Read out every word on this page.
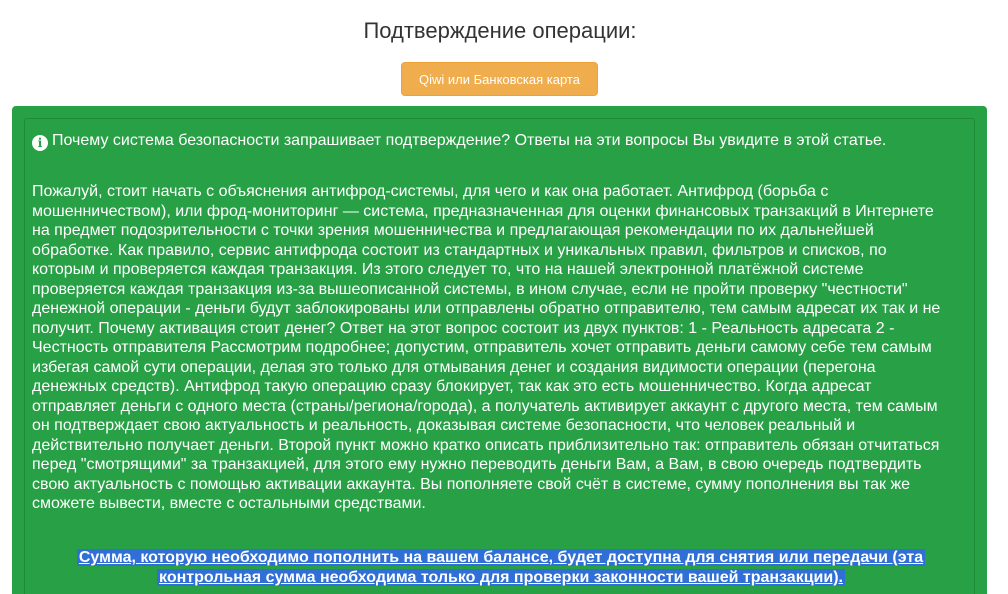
Подтверждение операции:
Qiwi или Банковская карта
i Почему система безопасности запрашивает подтверждение? Ответы на эти вопросы Вы увидите в этой статье.
Пожалуй, стоит начать с объяснения антифрод-системы, для чего и как она работает. Антифрод (борьба с мошенничеством), или фрод-мониторинг — система, предназначенная для оценки финансовых транзакций в Интернете на предмет подозрительности с точки зрения мошенничества и предлагающая рекомендации по их дальнейшей обработке. Как правило, сервис антифрода состоит из стандартных и уникальных правил, фильтров и списков, по которым и проверяется каждая транзакция. Из этого следует то, что на нашей электронной платёжной системе проверяется каждая транзакция из-за вышеописанной системы, в ином случае, если не пройти проверку "честности" денежной операции - деньги будут заблокированы или отправлены обратно отправителю, тем самым адресат их так и не получит. Почему активация стоит денег? Ответ на этот вопрос состоит из двух пунктов: 1 - Реальность адресата 2 - Честность отправителя Рассмотрим подробнее; допустим, отправитель хочет отправить деньги самому себе тем самым избегая самой сути операции, делая это только для отмывания денег и создания видимости операции (перегона денежных средств). Антифрод такую операцию сразу блокирует, так как это есть мошенничество. Когда адресат отправляет деньги с одного места (страны/региона/города), а получатель активирует аккаунт с другого места, тем самым он подтверждает свою актуальность и реальность, доказывая системе безопасности, что человек реальный и действительно получает деньги. Второй пункт можно кратко описать приблизительно так: отправитель обязан отчитаться перед "смотрящими" за транзакцией, для этого ему нужно переводить деньги Вам, а Вам, в свою очередь подтвердить свою актуальность с помощью активации аккаунта. Вы пополняете свой счёт в системе, сумму пополнения вы так же сможете вывести, вместе с остальными средствами.
Сумма, которую необходимо пополнить на вашем балансе, будет доступна для снятия или передачи (эта контрольная сумма необходима только для проверки законности вашей транзакции).
